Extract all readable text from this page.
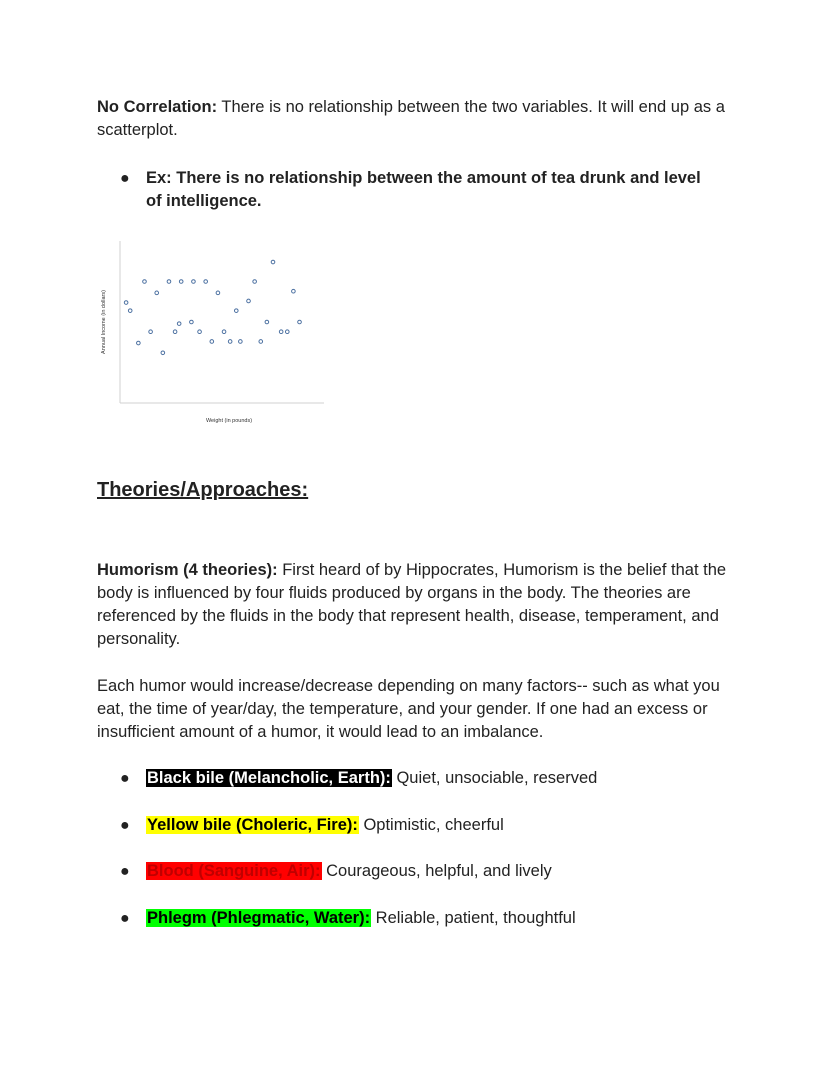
No Correlation: There is no relationship between the two variables. It will end up as a scatterplot.

● Ex: There is no relationship between the amount of tea drunk and level of intelligence.
Weight (in pounds)
Annual Income (in dollars)
Theories/Approaches:

Humorism (4 theories): First heard of by Hippocrates, Humorism is the belief that the body is influenced by four fluids produced by organs in the body. The theories are referenced by the fluids in the body that represent health, disease, temperament, and personality.

Each humor would increase/decrease depending on many factors-- such as what you eat, the time of year/day, the temperature, and your gender. If one had an excess or insufficient amount of a humor, it would lead to an imbalance.

● Black bile (Melancholic, Earth): Quiet, unsociable, reserved
● Yellow bile (Choleric, Fire): Optimistic, cheerful
● Blood (Sanguine, Air): Courageous, helpful, and lively
● Phlegm (Phlegmatic, Water): Reliable, patient, thoughtful
